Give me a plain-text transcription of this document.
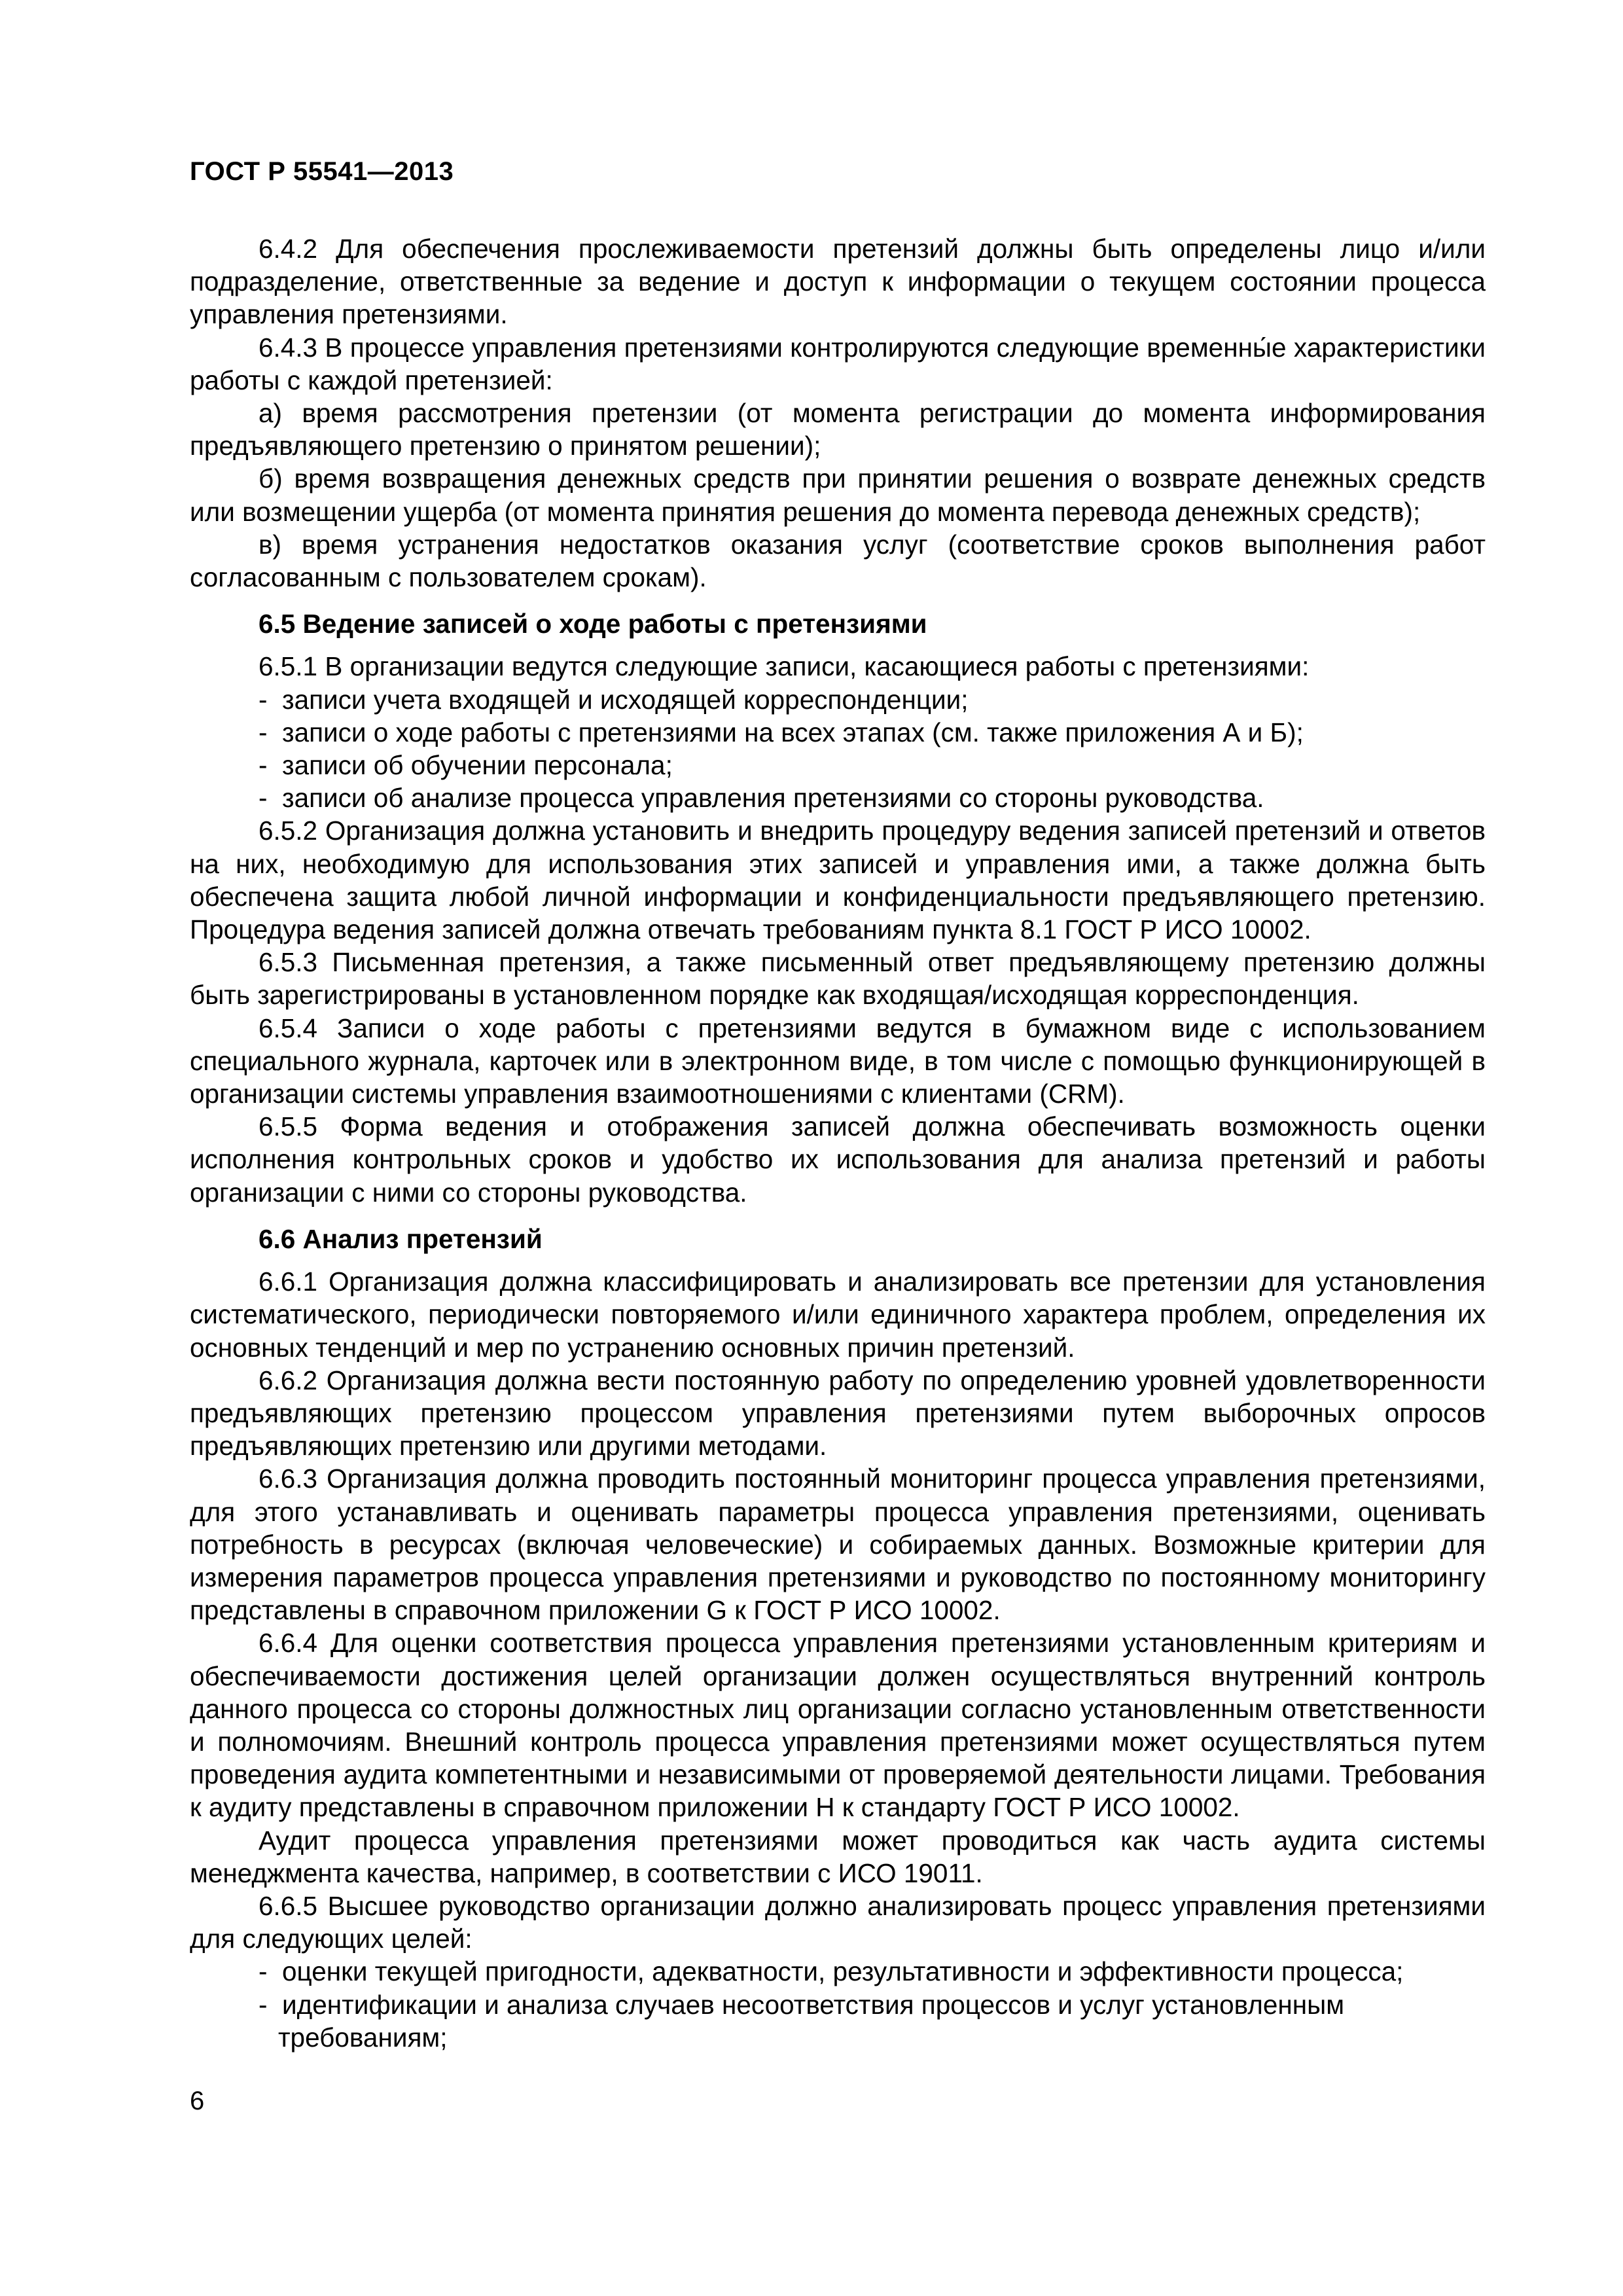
ГОСТ Р 55541—2013

6.4.2 Для обеспечения прослеживаемости претензий должны быть определены лицо и/или подразделение, ответственные за ведение и доступ к информации о текущем состоянии процесса управления претензиями.

6.4.3 В процессе управления претензиями контролируются следующие временны́е характеристики работы с каждой претензией:

а) время рассмотрения претензии (от момента регистрации до момента информирования предъявляющего претензию о принятом решении);

б) время возвращения денежных средств при принятии решения о возврате денежных средств или возмещении ущерба (от момента принятия решения до момента перевода денежных средств);

в) время устранения недостатков оказания услуг (соответствие сроков выполнения работ согласованным с пользователем срокам).

6.5 Ведение записей о ходе работы с претензиями

6.5.1 В организации ведутся следующие записи, касающиеся работы с претензиями:

- записи учета входящей и исходящей корреспонденции;
- записи о ходе работы с претензиями на всех этапах (см. также приложения А и Б);
- записи об обучении персонала;
- записи об анализе процесса управления претензиями со стороны руководства.

6.5.2 Организация должна установить и внедрить процедуру ведения записей претензий и ответов на них, необходимую для использования этих записей и управления ими, а также должна быть обеспечена защита любой личной информации и конфиденциальности предъявляющего претензию. Процедура ведения записей должна отвечать требованиям пункта 8.1 ГОСТ Р ИСО 10002.

6.5.3 Письменная претензия, а также письменный ответ предъявляющему претензию должны быть зарегистрированы в установленном порядке как входящая/исходящая корреспонденция.

6.5.4 Записи о ходе работы с претензиями ведутся в бумажном виде с использованием специального журнала, карточек или в электронном виде, в том числе с помощью функционирующей в организации системы управления взаимоотношениями с клиентами (CRM).

6.5.5 Форма ведения и отображения записей должна обеспечивать возможность оценки исполнения контрольных сроков и удобство их использования для анализа претензий и работы организации с ними со стороны руководства.

6.6 Анализ претензий

6.6.1 Организация должна классифицировать и анализировать все претензии для установления систематического, периодически повторяемого и/или единичного характера проблем, определения их основных тенденций и мер по устранению основных причин претензий.

6.6.2 Организация должна вести постоянную работу по определению уровней удовлетворенности предъявляющих претензию процессом управления претензиями путем выборочных опросов предъявляющих претензию или другими методами.

6.6.3 Организация должна проводить постоянный мониторинг процесса управления претензиями, для этого устанавливать и оценивать параметры процесса управления претензиями, оценивать потребность в ресурсах (включая человеческие) и собираемых данных. Возможные критерии для измерения параметров процесса управления претензиями и руководство по постоянному мониторингу представлены в справочном приложении G к ГОСТ Р ИСО 10002.

6.6.4 Для оценки соответствия процесса управления претензиями установленным критериям и обеспечиваемости достижения целей организации должен осуществляться внутренний контроль данного процесса со стороны должностных лиц организации согласно установленным ответственности и полномочиям. Внешний контроль процесса управления претензиями может осуществляться путем проведения аудита компетентными и независимыми от проверяемой деятельности лицами. Требования к аудиту представлены в справочном приложении Н к стандарту ГОСТ Р ИСО 10002.

Аудит процесса управления претензиями может проводиться как часть аудита системы менеджмента качества, например, в соответствии с ИСО 19011.

6.6.5 Высшее руководство организации должно анализировать процесс управления претензиями для следующих целей:

- оценки текущей пригодности, адекватности, результативности и эффективности процесса;
- идентификации и анализа случаев несоответствия процессов и услуг установленным требованиям;
6
